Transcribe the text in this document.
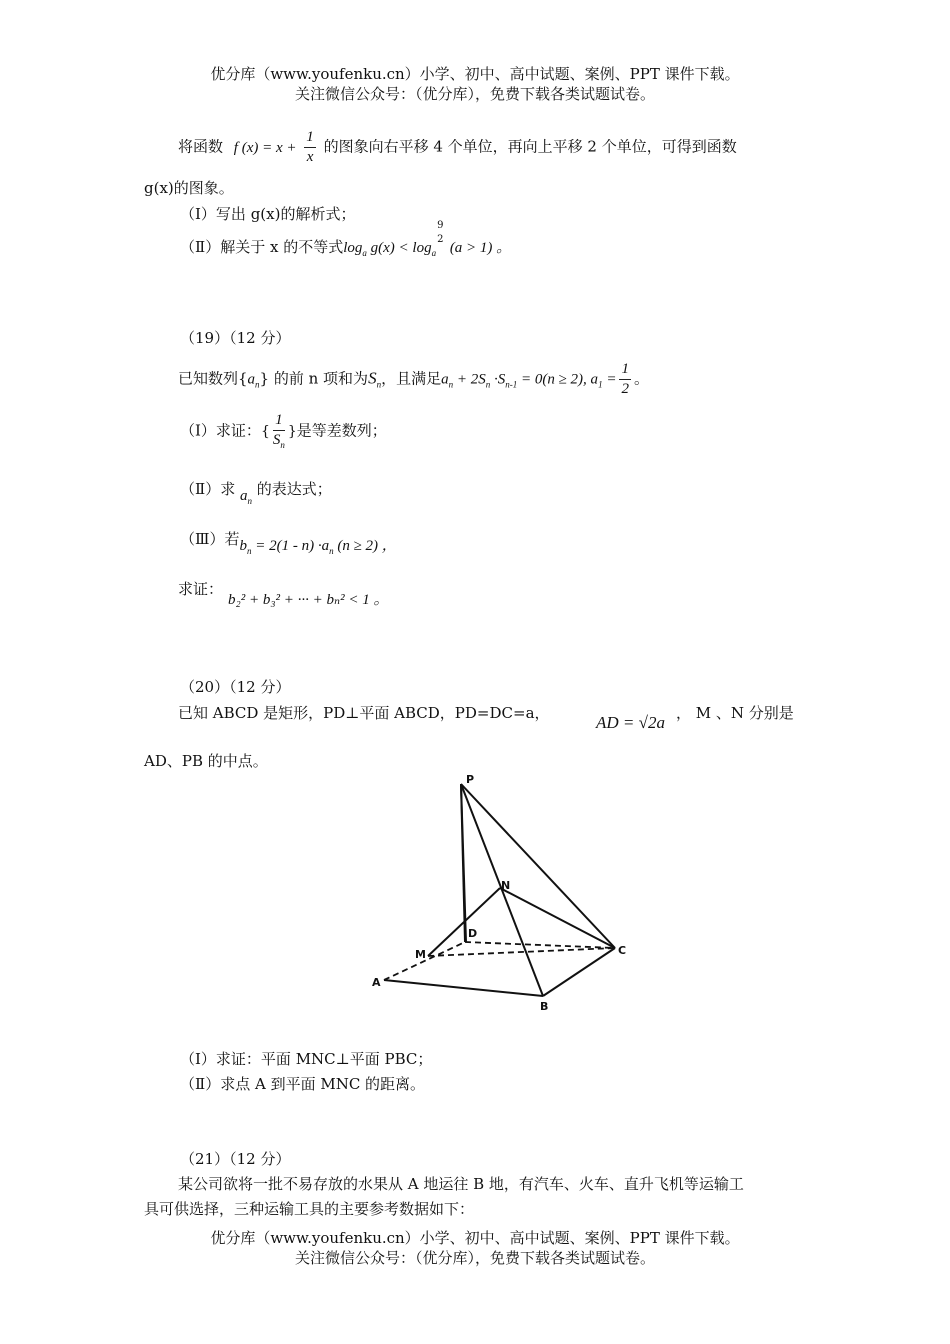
优分库（www.youfenku.cn）小学、初中、高中试题、案例、PPT 课件下载。
关注微信公众号：（优分库），免费下载各类试题试卷。
将函数 f $(x) = x + \frac{1}{x}$ 的图象向右平移 4 个单位，再向上平移 2 个单位，可得到函数
g(x)的图象。
（Ⅰ）写出 g(x)的解析式；
（Ⅱ）解关于 x 的不等式$\log_a g(x) < \log_a$
9
2
(a > 1) 。
（19）（12 分）
已知数列$\{a_n\}$ 的前 n 项和为$S_n$，且满足$a_n + 2S_n \cdot S_{n-1} = 0(n \ge 2)$, $a_1 = \frac{1}{2}$ 。
（Ⅰ）求证：{ $\frac{1}{S_n}$ }是等差数列；
（Ⅱ）求 $a_n$ 的表达式；
（Ⅲ）若$b_n = 2(1 - n) \cdot a_n$ (n ≥ 2) ，
求证：
b₂² + b₃² + ··· + bₙ² < 1 。
（20）（12 分）
已知 ABCD 是矩形，PD⊥平面 ABCD，PD=DC=a，	AD = √2a ， M 、N 分别是
AD、PB 的中点。
P
N
D
M	C
A
B
（Ⅰ）求证：平面 MNC⊥平面 PBC；
（Ⅱ）求点 A 到平面 MNC 的距离。
（21）（12 分）
某公司欲将一批不易存放的水果从 A 地运往 B 地，有汽车、火车、直升飞机等运输工
具可供选择，三种运输工具的主要参考数据如下：
优分库（www.youfenku.cn）小学、初中、高中试题、案例、PPT 课件下载。
关注微信公众号：（优分库），免费下载各类试题试卷。
